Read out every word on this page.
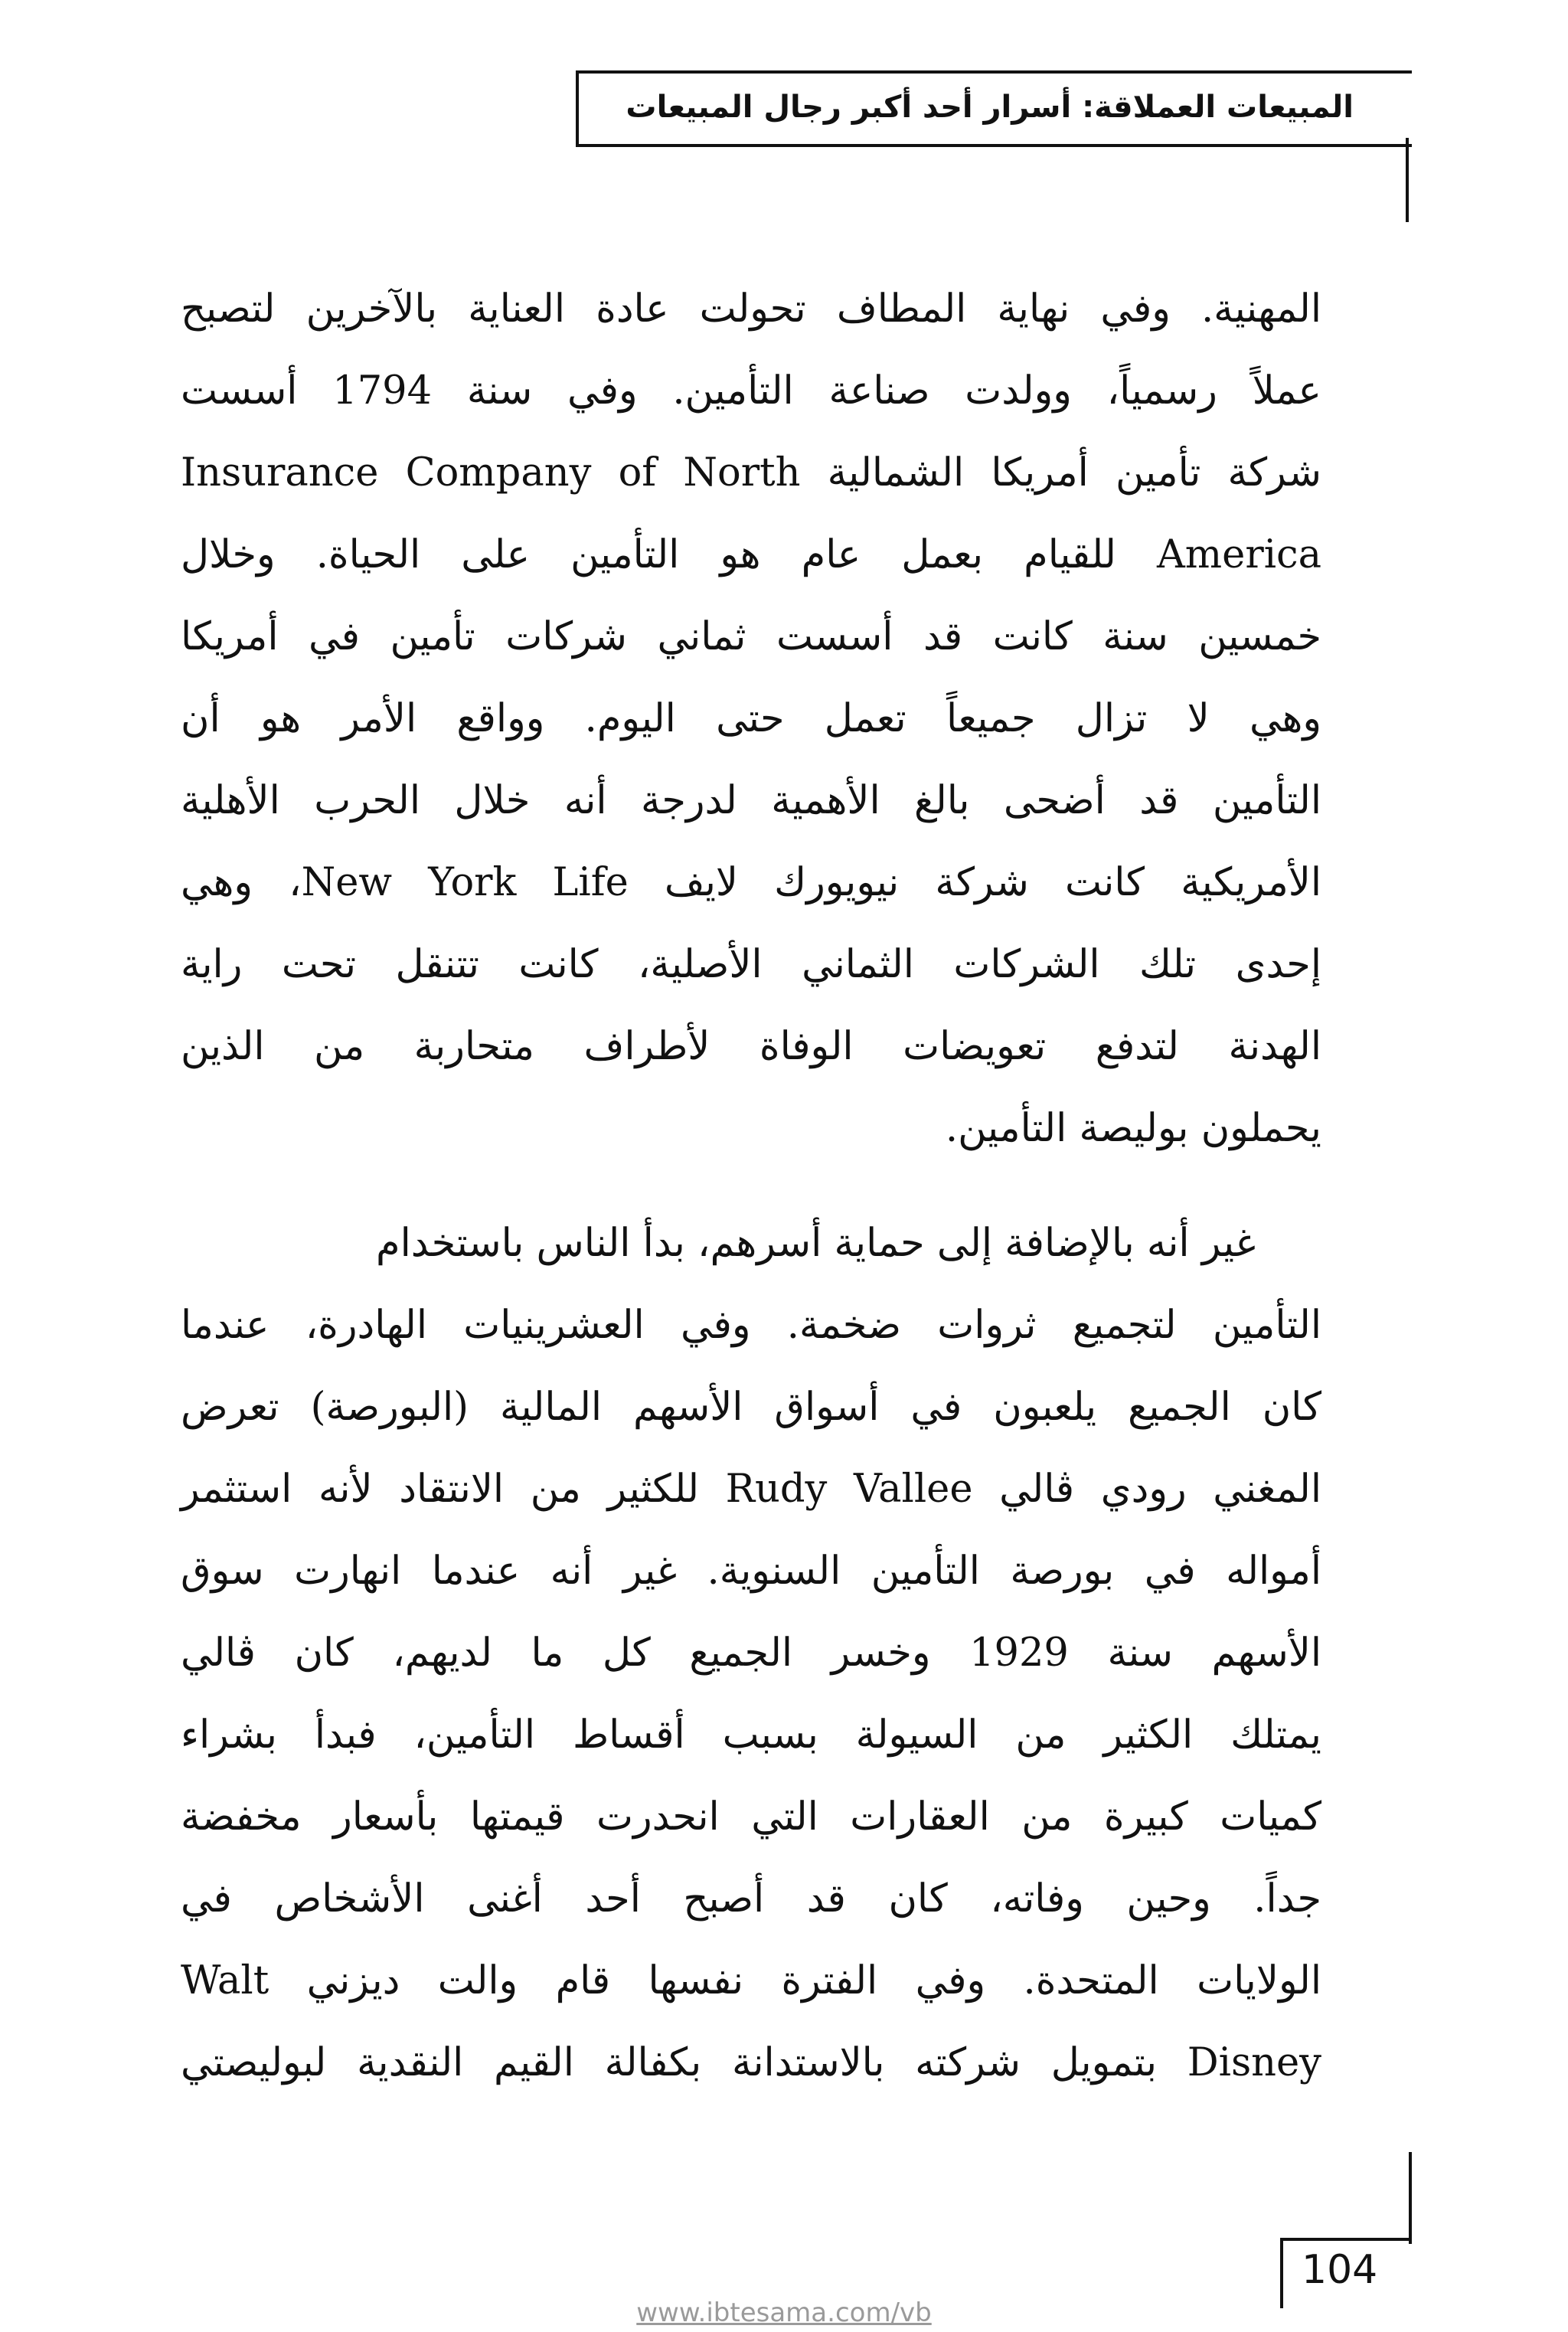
المبيعات العملاقة: أسرار أحد أكبر رجال المبيعات
المهنية. وفي نهاية المطاف تحولت عادة العناية بالآخرين لتصبح
عملاً رسمياً، وولدت صناعة التأمين. وفي سنة 1794 أسست
شركة تأمين أمريكا الشمالية Insurance Company of North
America للقيام بعمل عام هو التأمين على الحياة. وخلال
خمسين سنة كانت قد أسست ثماني شركات تأمين في أمريكا
وهي لا تزال جميعاً تعمل حتى اليوم. وواقع الأمر هو أن
التأمين قد أضحى بالغ الأهمية لدرجة أنه خلال الحرب الأهلية
الأمريكية كانت شركة نيويورك لايف New York Life، وهي
إحدى تلك الشركات الثماني الأصلية، كانت تتنقل تحت راية
الهدنة لتدفع تعويضات الوفاة لأطراف متحاربة من الذين
يحملون بوليصة التأمين.
غير أنه بالإضافة إلى حماية أسرهم، بدأ الناس باستخدام
التأمين لتجميع ثروات ضخمة. وفي العشرينيات الهادرة، عندما
كان الجميع يلعبون في أسواق الأسهم المالية (البورصة) تعرض
المغني رودي ڤالي Rudy Vallee للكثير من الانتقاد لأنه استثمر
أمواله في بورصة التأمين السنوية. غير أنه عندما انهارت سوق
الأسهم سنة 1929 وخسر الجميع كل ما لديهم، كان ڤالي
يمتلك الكثير من السيولة بسبب أقساط التأمين، فبدأ بشراء
كميات كبيرة من العقارات التي انحدرت قيمتها بأسعار مخفضة
جداً. وحين وفاته، كان قد أصبح أحد أغنى الأشخاص في
الولايات المتحدة. وفي الفترة نفسها قام والت ديزني Walt
Disney بتمويل شركته بالاستدانة بكفالة القيم النقدية لبوليصتي
104
www.ibtesama.com/vb
